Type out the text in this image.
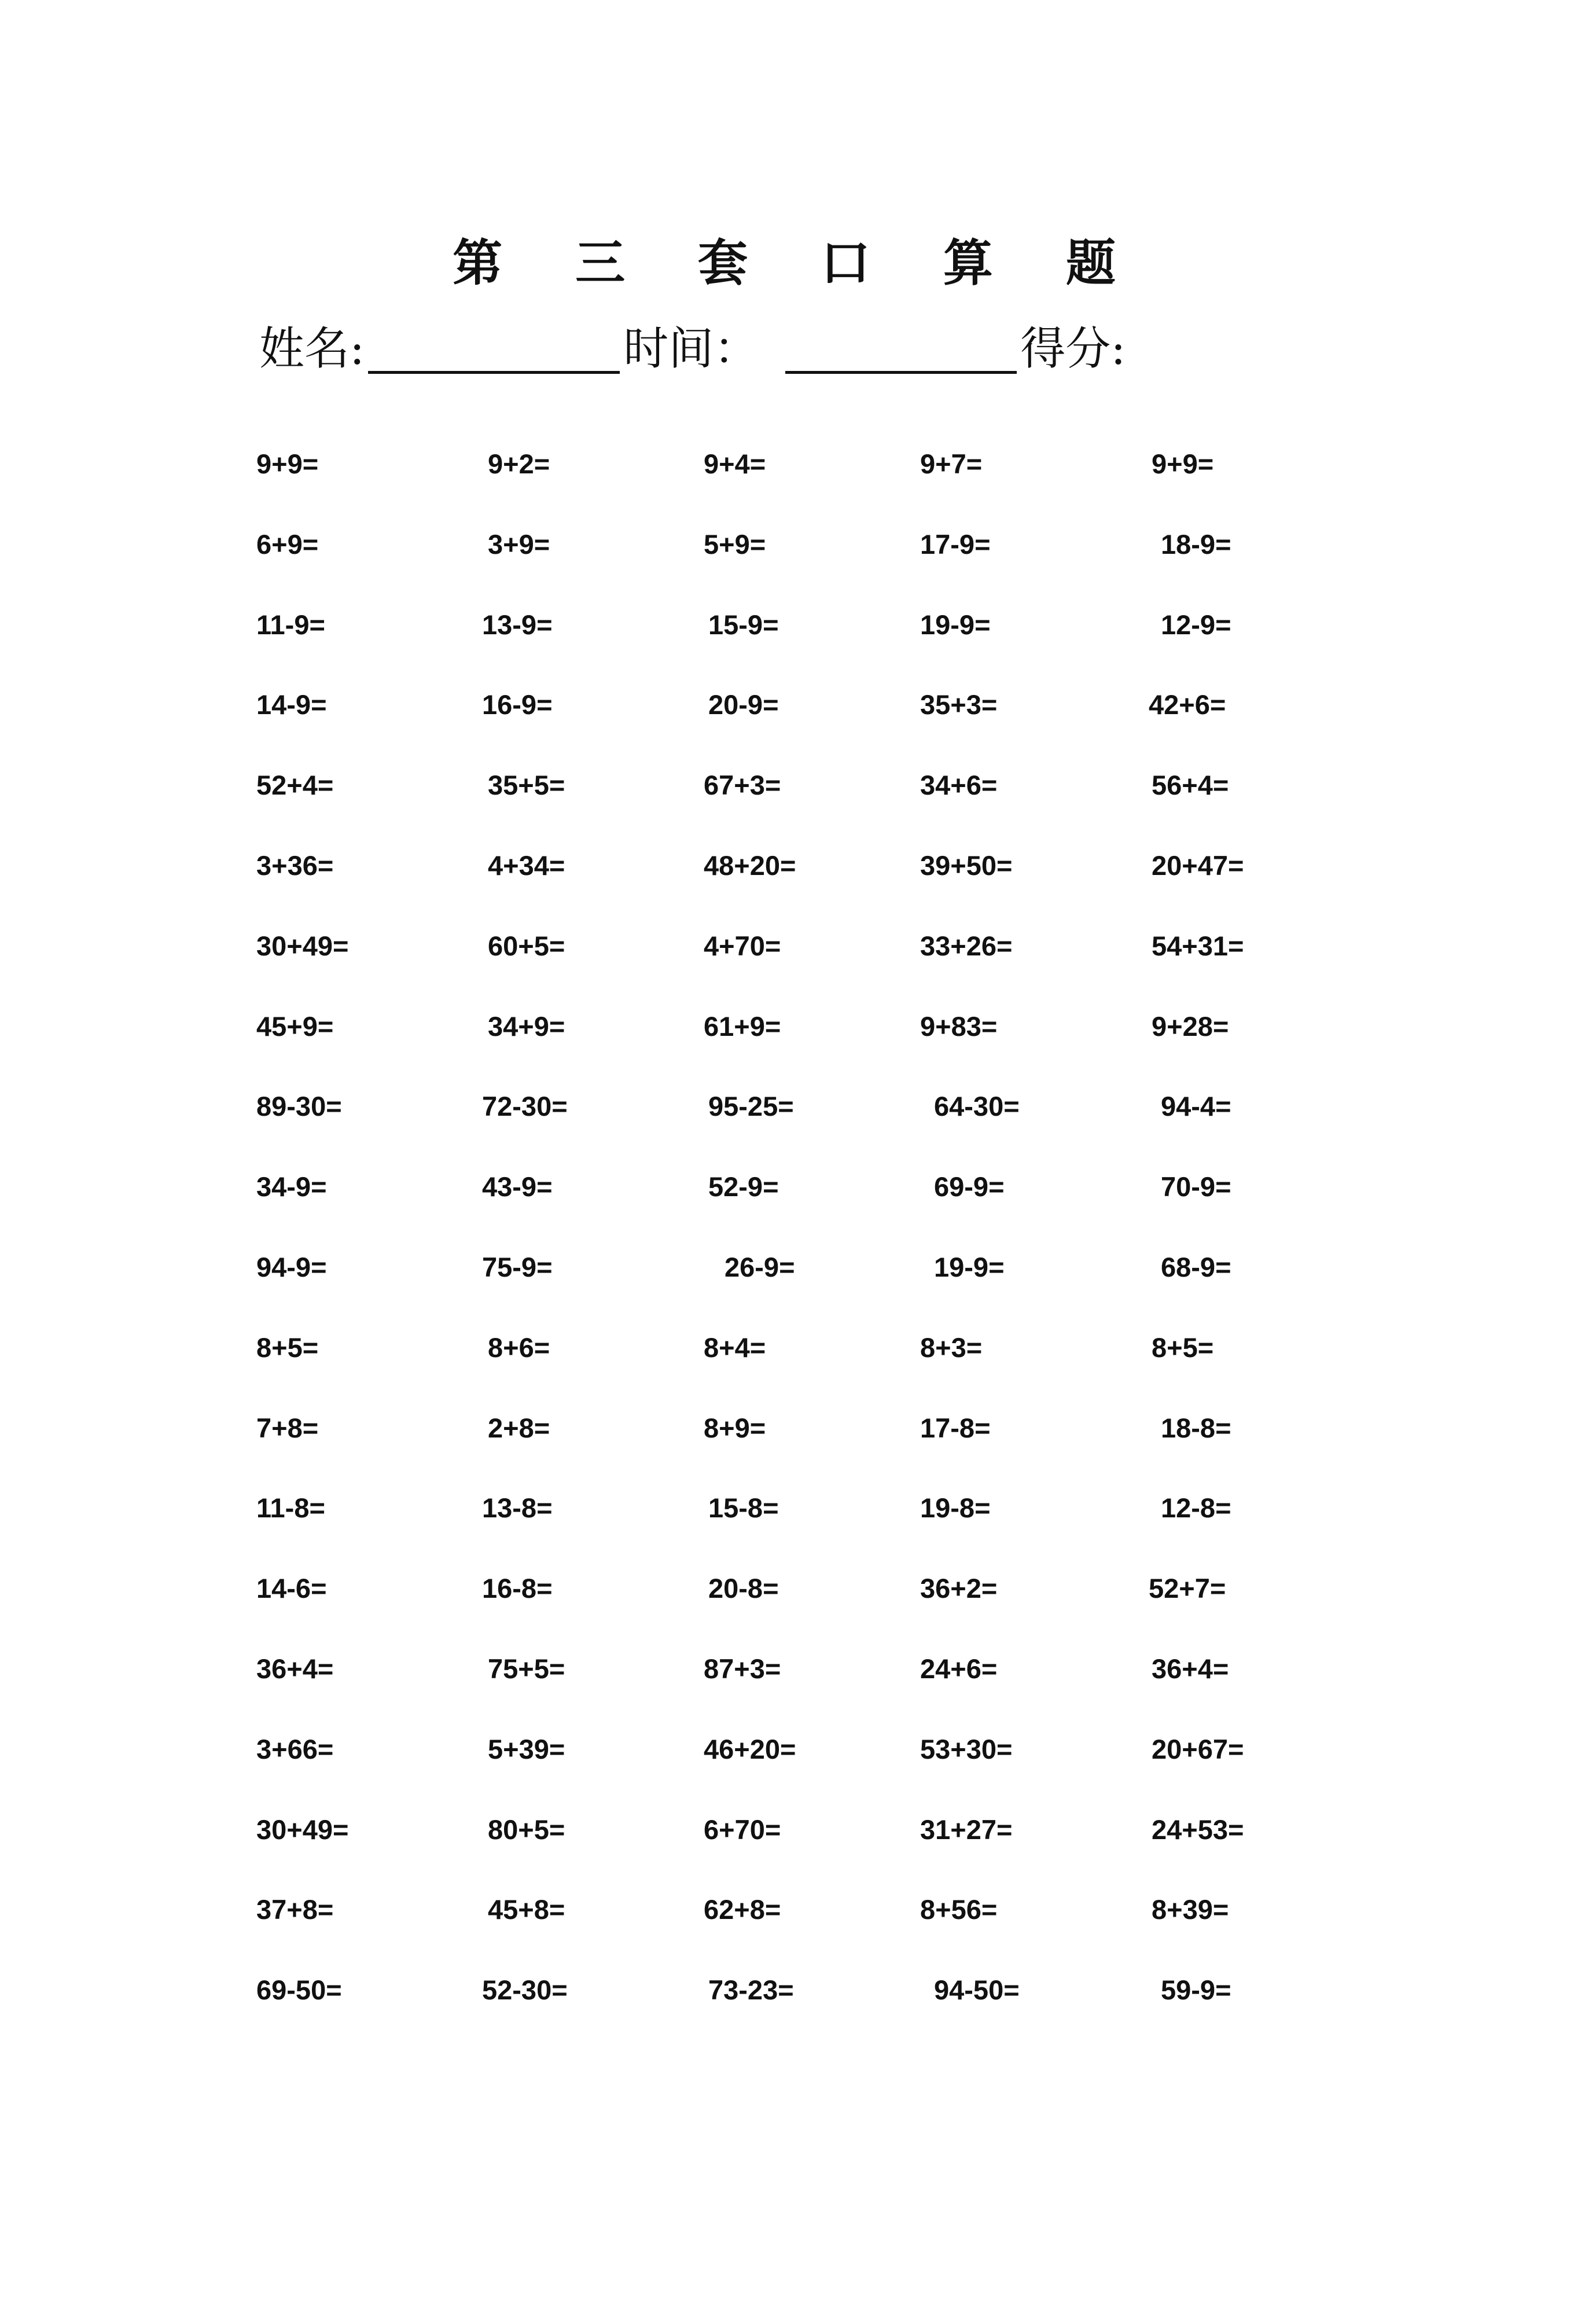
第 三 套 口 算 题
姓名:	时间：	得分:
9+9=	9+2=	9+4=	9+7=	9+9=
6+9=	3+9=	5+9=	17-9=	18-9=
11-9=	13-9=	15-9=	19-9=	12-9=
14-9=	16-9=	20-9=	35+3=	42+6=
52+4=	35+5=	67+3=	34+6=	56+4=
3+36=	4+34=	48+20=	39+50=	20+47=
30+49=	60+5=	4+70=	33+26=	54+31=
45+9=	34+9=	61+9=	9+83=	9+28=
89-30=	72-30=	95-25=	64-30=	94-4=
34-9=	43-9=	52-9=	69-9=	70-9=
94-9=	75-9=	26-9=	19-9=	68-9=
8+5=	8+6=	8+4=	8+3=	8+5=
7+8=	2+8=	8+9=	17-8=	18-8=
11-8=	13-8=	15-8=	19-8=	12-8=
14-6=	16-8=	20-8=	36+2=	52+7=
36+4=	75+5=	87+3=	24+6=	36+4=
3+66=	5+39=	46+20=	53+30=	20+67=
30+49=	80+5=	6+70=	31+27=	24+53=
37+8=	45+8=	62+8=	8+56=	8+39=
69-50=	52-30=	73-23=	94-50=	59-9=
